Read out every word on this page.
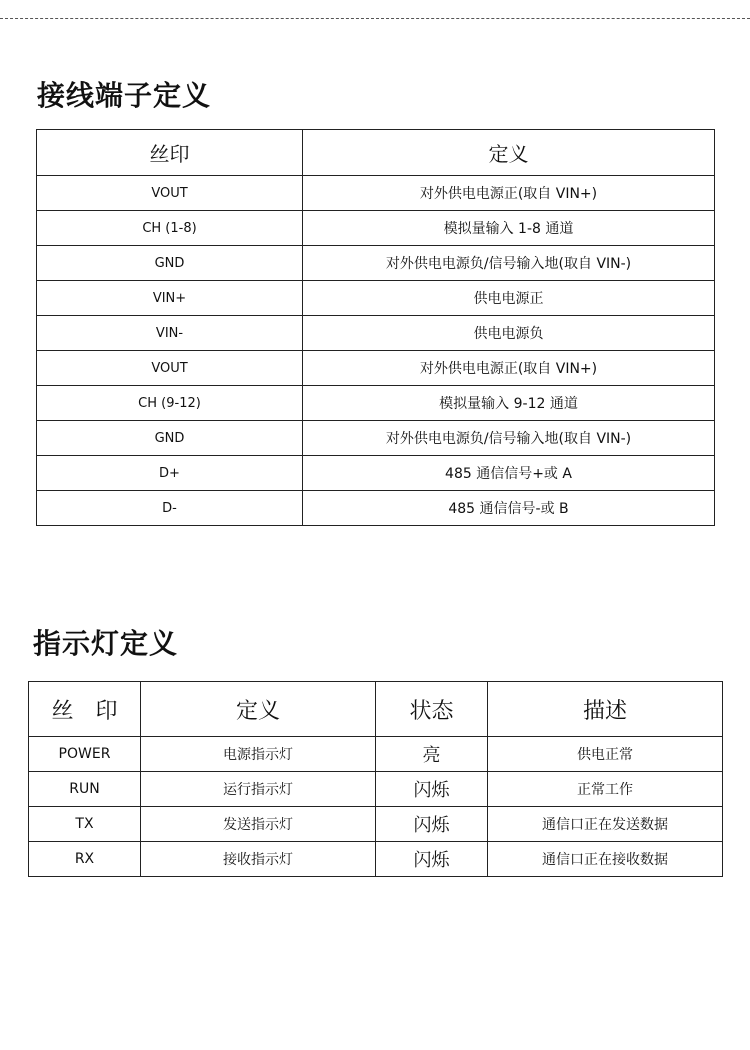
接线端子定义
丝印	定义
VOUT	对外供电电源正(取自 VIN+)
CH (1-8)	模拟量输入 1-8 通道
GND	对外供电电源负/信号输入地(取自 VIN-)
VIN+	供电电源正
VIN-	供电电源负
VOUT	对外供电电源正(取自 VIN+)
CH (9-12)	模拟量输入 9-12 通道
GND	对外供电电源负/信号输入地(取自 VIN-)
D+	485 通信信号+或 A
D-	485 通信信号-或 B
指示灯定义
丝　印	定义	状态	描述
POWER	电源指示灯	亮	供电正常
RUN	运行指示灯	闪烁	正常工作
TX	发送指示灯	闪烁	通信口正在发送数据
RX	接收指示灯	闪烁	通信口正在接收数据
